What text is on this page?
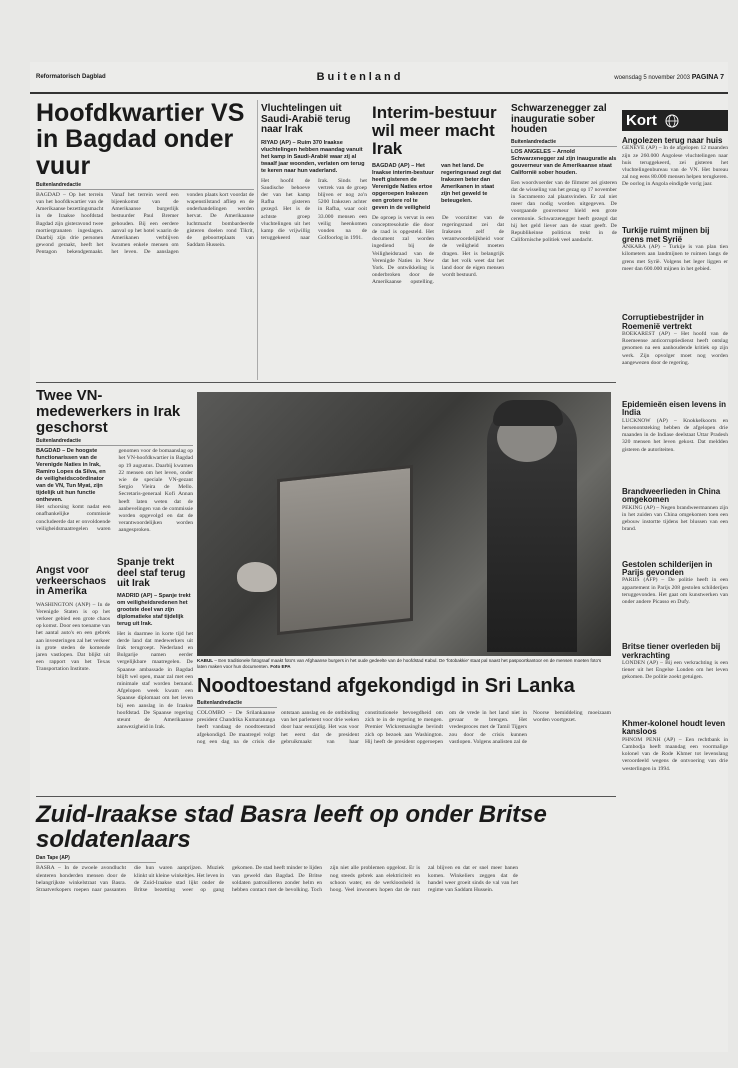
Reformatorisch Dagblad	Buitenland	woensdag 5 november 2003 PAGINA 7
Hoofdkwartier VS in Bagdad onder vuur
Buitenlandredactie
BAGDAD – Op het terrein van het hoofdkwartier van de Amerikaanse bezettingsmacht in de Iraakse hoofdstad Bagdad zijn gisteravond twee mortiergranaten ingeslagen. Daarbij zijn drie personen gewond geraakt, heeft het Pentagon bekendgemaakt. Vanaf het terrein werd een bijeenkomst van de Amerikaanse burgerlijk bestuurder Paul Bremer gehouden. Bij een eerdere aanval op het hotel waarin de Amerikanen verblijven kwamen enkele mensen om het leven. De aanslagen vonden plaats kort voordat de wapenstilstand afliep en de onderhandelingen werden hervat. De Amerikaanse luchtmacht bombardeerde gisteren doelen rond Tikrit, de geboorteplaats van Saddam Hussein.
Vluchtelingen uit Saudi-Arabië terug naar Irak
RIYAD (AP) – Ruim 370 Iraakse vluchtelingen hebben maandag vanuit het kamp in Saudi-Arabië waar zij al twaalf jaar woonden, verlaten om terug te keren naar hun vaderland.
Het hoofd de Saudische behoeve der van het kamp Rafha gisteren gezegd. Het is de achtste groep vluchtelingen uit het kamp die vrijwillig teruggekeerd naar Irak. Sinds het vertrek van de groep blijven er nog zo'n 5200 Irakezen achter in Rafha, waar ooit 33.000 mensen een veilig heenkomen vonden na de Golfoorlog in 1991.
Interim-bestuur wil meer macht Irak
BAGDAD (AP) – Het Iraakse interim-bestuur heeft gisteren de Verenigde Naties ertoe opgeroepen Irakezen een grotere rol te geven in de veiligheid van het land. De regeringsraad zegt dat Irakezen beter dan Amerikanen in staat zijn het geweld te beteugelen.
De oproep is vervat in een conceptresolutie die door de raad is opgesteld. Het document zal worden ingediend bij de Veiligheidsraad van de Verenigde Naties in New York. De ontwikkeling is onderbroken door de Amerikaanse opstelling. De voorzitter van de regeringsraad zei dat Irakezen zelf de verantwoordelijkheid voor de veiligheid moeten dragen. Het is belangrijk dat het volk weet dat het land door de eigen mensen wordt bestuurd.
Schwarzenegger zal inauguratie sober houden
Buitenlandredactie
LOS ANGELES – Arnold Schwarzenegger zal zijn inauguratie als gouverneur van de Amerikaanse staat Californië sober houden.
Een woordvoerder van de filmster zei gisteren dat de wisseling van het gezag op 17 november in Sacramento zal plaatsvinden. Er zal niet meer dan nodig worden uitgegeven. De voorgaande gouverneur hield een grote ceremonie. Schwarzenegger heeft gezegd dat hij het geld liever aan de staat geeft. De Republikeinse politicus trekt in de Californische politiek veel aandacht.
Kort
Angolezen terug naar huis
GENEVE (AP) – In de afgelopen 12 maanden zijn ze 260.000 Angolese vluchtelingen naar huis teruggekeerd, zei gisteren het vluchtelingenbureau van de VN. Het bureau zal nog eens 80.000 mensen helpen terugkeren. De oorlog in Angola eindigde vorig jaar.
Turkije ruimt mijnen bij grens met Syrië
ANKARA (AP) – Turkije is van plan tien kilometers aan landmijnen te ruimen langs de grens met Syrië. Volgens het leger liggen er meer dan 600.000 mijnen in het gebied.
Corruptiebestrijder in Roemenië vertrekt
BOEKAREST (AP) – Het hoofd van de Roemeense anticorruptiedienst heeft ontslag genomen na een aanhoudende kritiek op zijn werk. Zijn opvolger moet nog worden aangewezen door de regering.
Epidemieën eisen levens in India
LUCKNOW (AP) – Knokkelkoorts en hersenontsteking hebben de afgelopen drie maanden in de Indiase deelstaat Uttar Pradesh 320 mensen het leven gekost. Dat meldden gisteren de autoriteiten.
Brandweerlieden in China omgekomen
PEKING (AP) – Negen brandweermannen zijn in het zuiden van China omgekomen toen een gebouw instortte tijdens het blussen van een brand.
Gestolen schilderijen in Parijs gevonden
PARIJS (AFP) – De politie heeft in een appartement in Parijs 208 gestolen schilderijen teruggevonden. Het gaat om kunstwerken van onder andere Picasso en Dufy.
Britse tiener overleden bij verkrachting
LONDEN (AP) – Bij een verkrachting is een tiener uit het Engelse Londen om het leven gekomen. De politie zoekt getuigen.
Khmer-kolonel houdt leven kansloos
PHNOM PENH (AP) – Een rechtbank in Cambodja heeft maandag een voormalige kolonel van de Rode Khmer tot levenslang veroordeeld wegens de ontvoering van drie westerlingen in 1994.
Twee VN-medewerkers in Irak geschorst
Buitenlandredactie
BAGDAD – De hoogste functionarissen van de Verenigde Naties in Irak, Ramiro Lopes da Silva, en de veiligheidscoördinator van de VN, Tun Myat, zijn tijdelijk uit hun functie ontheven.
Het schorsing komt nadat een onafhankelijke commissie concludeerde dat er onvoldoende veiligheidsmaatregelen waren genomen voor de bomaanslag op het VN-hoofdkwartier in Bagdad op 19 augustus. Daarbij kwamen 22 mensen om het leven, onder wie de speciale VN-gezant Sergio Vieira de Mello. Secretaris-generaal Kofi Annan heeft laten weten dat de aanbevelingen van de commissie worden opgevolgd en dat de verantwoordelijken worden aangesproken.
Angst voor verkeerschaos in Amerika
WASHINGTON (ANP) – In de Verenigde Staten is op het verkeer gebied een grote chaos op komst. Door een toename van het aantal auto's en een gebrek aan investeringen zal het verkeer in grote steden de komende jaren vastlopen. Dat blijkt uit een rapport van het Texas Transportation Institute.
Spanje trekt deel staf terug uit Irak
MADRID (AP) – Spanje trekt om veiligheidsredenen het grootste deel van zijn diplomatieke staf tijdelijk terug uit Irak.
Het is daarmee in korte tijd het derde land dat medewerkers uit Irak terugroept. Nederland en Bulgarije namen eerder vergelijkbare maatregelen. De Spaanse ambassade in Bagdad blijft wel open, maar zal met een minimale staf worden bemand. Afgelopen week kwam een Spaanse diplomaat om het leven bij een aanslag in de Iraakse hoofdstad. De Spaanse regering steunt de Amerikaanse aanwezigheid in Irak.
KABUL – Een traditionele fotograaf maakt foto's van Afghaanse burgers in het oude gedeelte van de hoofdstad Kabul. De 'fotobakkie' staat pal naast het paspoortkantoor en de mensen moeten foto's laten maken voor hun documenten. Foto EPA
Noodtoestand afgekondigd in Sri Lanka
Buitenlandredactie
COLOMBO – De Srilankaanse president Chandrika Kumaratunga heeft vandaag de noodtoestand afgekondigd. De maatregel volgt nog een dag na de crisis die ontstaan aanslag en de ontbinding van het parlement voor drie weken door haar eenzijdig. Het was voor het eerst dat de president gebruikmaakt van haar constitutionele bevoegdheid om zich te in de regering te mengen. Premier Wickremasinghe bevindt zich op bezoek aan Washington. Hij heeft de president opgeroepen om de vrede in het land niet in gevaar te brengen. Het vredesproces met de Tamil Tijgers zou door de crisis kunnen vastlopen. Volgens analisten zal de Noorse bemiddeling moeizaam worden voortgezet.
Zuid-Iraakse stad Basra leeft op onder Britse soldatenlaars
Dan Tape (AP)
BASRA – In de zwoele avondlucht slenteren honderden mensen door de belangrijkste winkelstraat van Basra. Straatverkopers roepen naar passanten die hun waren aanprijzen. Muziek klinkt uit kleine winkeltjes. Het leven in de Zuid-Iraakse stad lijkt onder de Britse bezetting weer op gang gekomen. De stad heeft minder te lijden van geweld dan Bagdad. De Britse soldaten patrouilleren zonder helm en hebben contact met de bevolking. Toch zijn niet alle problemen opgelost. Er is nog steeds gebrek aan elektriciteit en schoon water, en de werkloosheid is hoog. Veel inwoners hopen dat de rust zal blijven en dat er snel meer banen komen. Winkeliers zeggen dat de handel weer groeit sinds de val van het regime van Saddam Hussein.
